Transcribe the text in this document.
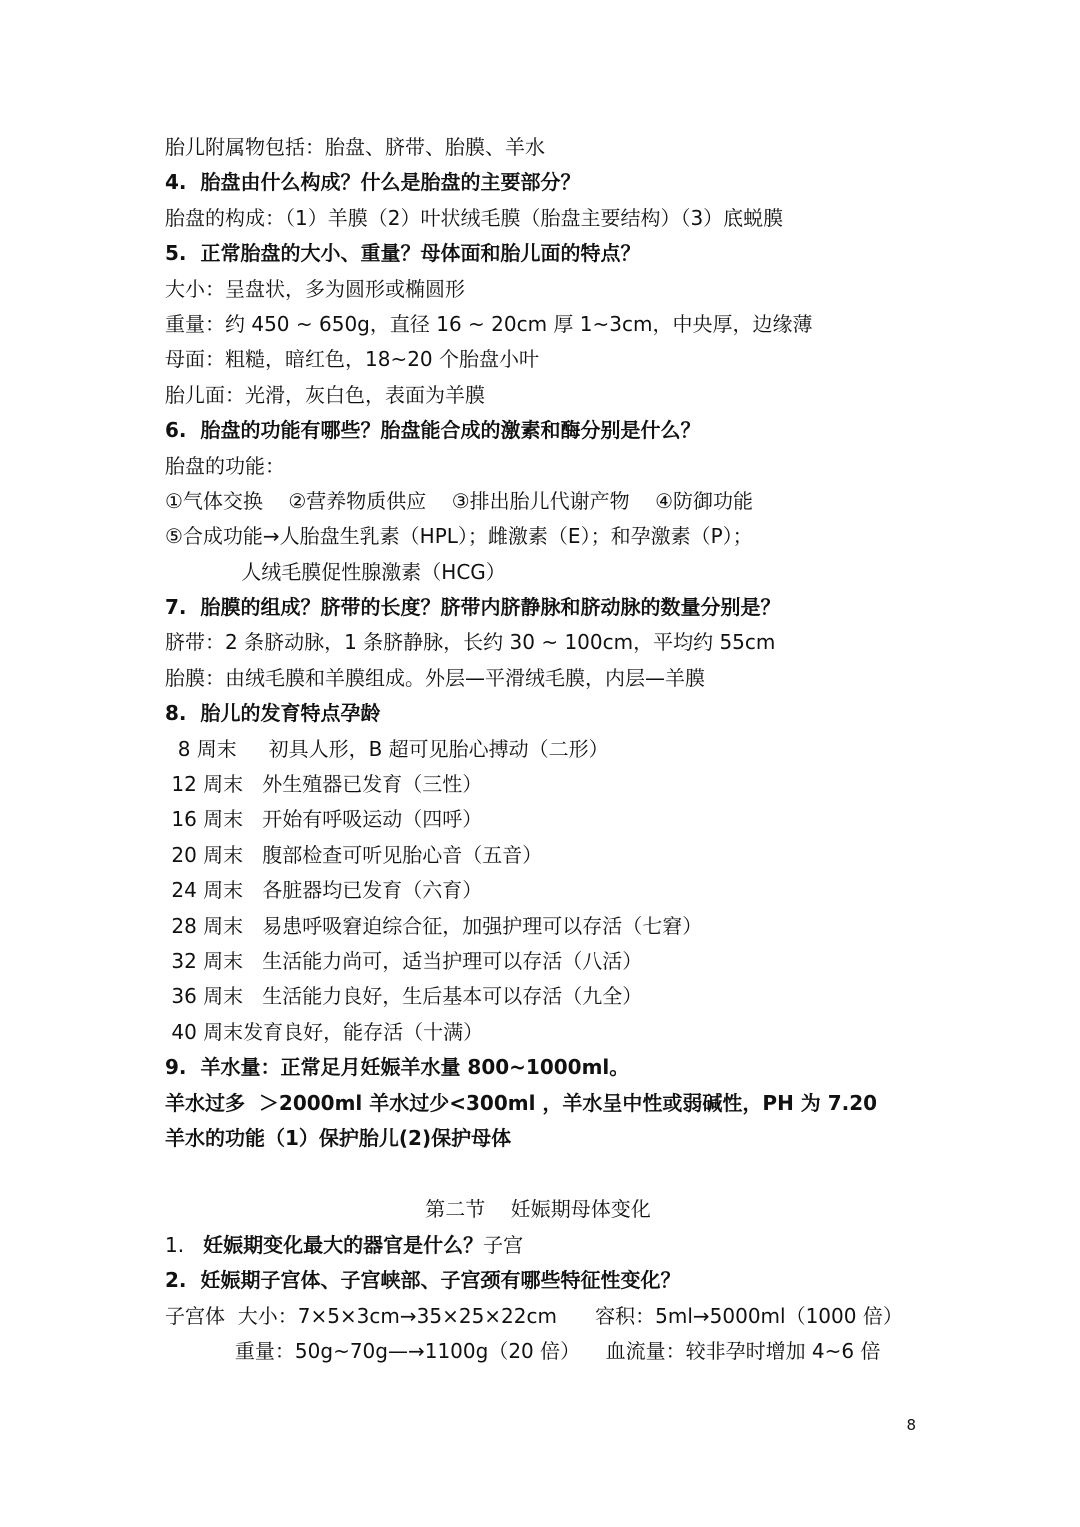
胎儿附属物包括：胎盘、脐带、胎膜、羊水
4.  胎盘由什么构成？什么是胎盘的主要部分？
胎盘的构成：（1）羊膜（2）叶状绒毛膜（胎盘主要结构）（3）底蜕膜
5.  正常胎盘的大小、重量？母体面和胎儿面的特点？
大小：呈盘状，多为圆形或椭圆形
重量：约 450 ~ 650g，直径 16 ~ 20cm 厚 1~3cm，中央厚，边缘薄
母面：粗糙，暗红色，18~20 个胎盘小叶
胎儿面：光滑，灰白色，表面为羊膜
6.  胎盘的功能有哪些？胎盘能合成的激素和酶分别是什么？
胎盘的功能：
①气体交换    ②营养物质供应    ③排出胎儿代谢产物    ④防御功能
⑤合成功能→人胎盘生乳素（HPL）；雌激素（E）；和孕激素（P）；
人绒毛膜促性腺激素（HCG）
7.  胎膜的组成？脐带的长度？脐带内脐静脉和脐动脉的数量分别是？
脐带：2 条脐动脉，1 条脐静脉，长约 30 ~ 100cm，平均约 55cm
胎膜：由绒毛膜和羊膜组成。外层—平滑绒毛膜，内层—羊膜
8.  胎儿的发育特点孕龄
8 周末     初具人形，B 超可见胎心搏动（二形）
12 周末   外生殖器已发育（三性）
16 周末   开始有呼吸运动（四呼）
20 周末   腹部检查可听见胎心音（五音）
24 周末   各脏器均已发育（六育）
28 周末   易患呼吸窘迫综合征，加强护理可以存活（七窘）
32 周末   生活能力尚可，适当护理可以存活（八活）
36 周末   生活能力良好，生后基本可以存活（九全）
40 周末发育良好，能存活（十满）
9.  羊水量：正常足月妊娠羊水量 800~1000ml。
羊水过多  ＞2000ml 羊水过少<300ml ，羊水呈中性或弱碱性，PH 为 7.20
羊水的功能（1）保护胎儿(2)保护母体
第二节    妊娠期母体变化
1.   妊娠期变化最大的器官是什么？子宫
2.  妊娠期子宫体、子宫峡部、子宫颈有哪些特征性变化？
子宫体  大小：7×5×3cm→35×25×22cm      容积：5ml→5000ml（1000 倍）
重量：50g~70g—→1100g（20 倍）    血流量：较非孕时增加 4~6 倍
8
